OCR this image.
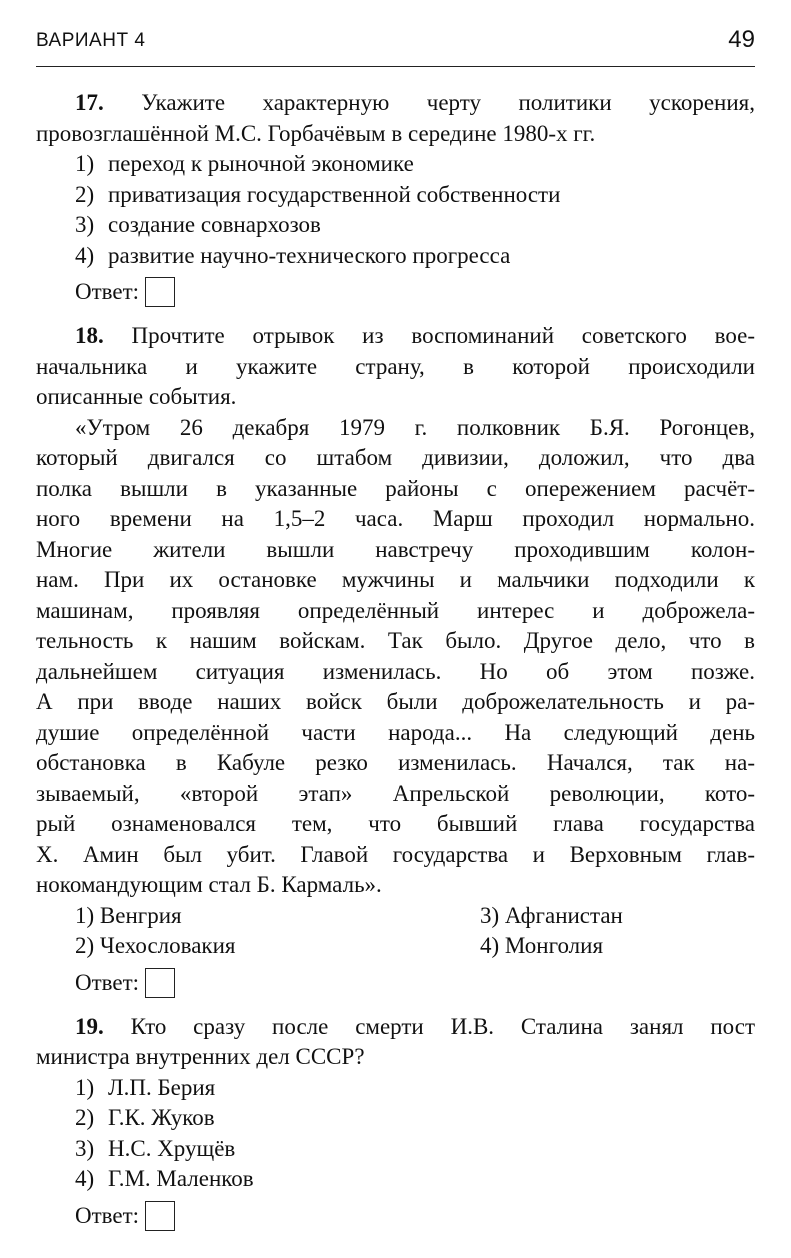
ВАРИАНТ 4	49

17. Укажите характерную черту политики ускорения,
провозглашённой М.С. Горбачёвым в середине 1980-х гг.

1) переход к рыночной экономике
2) приватизация государственной собственности
3) создание совнархозов
4) развитие научно-технического прогресса
Ответ:

18. Прочтите отрывок из воспоминаний советского вое-
начальника и укажите страну, в которой происходили
описанные события.

«Утром 26 декабря 1979 г. полковник Б.Я. Рогонцев,
который двигался со штабом дивизии, доложил, что два
полка вышли в указанные районы с опережением расчёт-
ного времени на 1,5–2 часа. Марш проходил нормально.
Многие жители вышли навстречу проходившим колон-
нам. При их остановке мужчины и мальчики подходили к
машинам, проявляя определённый интерес и доброжела-
тельность к нашим войскам. Так было. Другое дело, что в
дальнейшем ситуация изменилась. Но об этом позже.
А при вводе наших войск были доброжелательность и ра-
душие определённой части народа... На следующий день
обстановка в Кабуле резко изменилась. Начался, так на-
зываемый, «второй этап» Апрельской революции, кото-
рый ознаменовался тем, что бывший глава государства
Х. Амин был убит. Главой государства и Верховным глав-
нокомандующим стал Б. Кармаль».

1) Венгрия	3) Афганистан
2) Чехословакия	4) Монголия
Ответ:

19. Кто сразу после смерти И.В. Сталина занял пост
министра внутренних дел СССР?

1) Л.П. Берия
2) Г.К. Жуков
3) Н.С. Хрущёв
4) Г.М. Маленков
Ответ:
